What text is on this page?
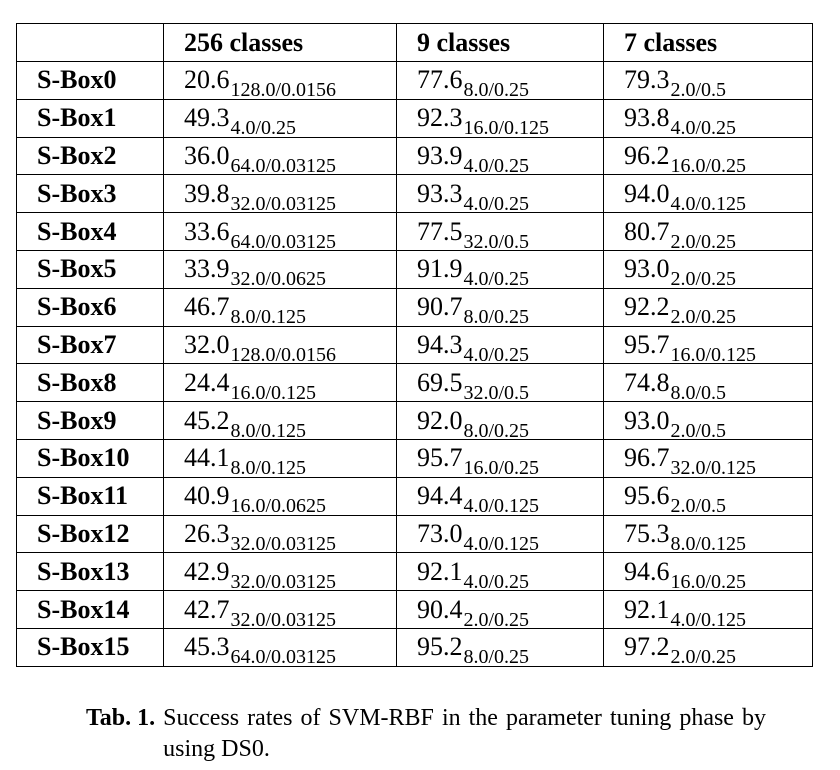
	256 classes	9 classes	7 classes
S-Box0	$20.6_{128.0/0.0156}$	$77.6_{8.0/0.25}$	$79.3_{2.0/0.5}$
S-Box1	$49.3_{4.0/0.25}$	$92.3_{16.0/0.125}$	$93.8_{4.0/0.25}$
S-Box2	$36.0_{64.0/0.03125}$	$93.9_{4.0/0.25}$	$96.2_{16.0/0.25}$
S-Box3	$39.8_{32.0/0.03125}$	$93.3_{4.0/0.25}$	$94.0_{4.0/0.125}$
S-Box4	$33.6_{64.0/0.03125}$	$77.5_{32.0/0.5}$	$80.7_{2.0/0.25}$
S-Box5	$33.9_{32.0/0.0625}$	$91.9_{4.0/0.25}$	$93.0_{2.0/0.25}$
S-Box6	$46.7_{8.0/0.125}$	$90.7_{8.0/0.25}$	$92.2_{2.0/0.25}$
S-Box7	$32.0_{128.0/0.0156}$	$94.3_{4.0/0.25}$	$95.7_{16.0/0.125}$
S-Box8	$24.4_{16.0/0.125}$	$69.5_{32.0/0.5}$	$74.8_{8.0/0.5}$
S-Box9	$45.2_{8.0/0.125}$	$92.0_{8.0/0.25}$	$93.0_{2.0/0.5}$
S-Box10	$44.1_{8.0/0.125}$	$95.7_{16.0/0.25}$	$96.7_{32.0/0.125}$
S-Box11	$40.9_{16.0/0.0625}$	$94.4_{4.0/0.125}$	$95.6_{2.0/0.5}$
S-Box12	$26.3_{32.0/0.03125}$	$73.0_{4.0/0.125}$	$75.3_{8.0/0.125}$
S-Box13	$42.9_{32.0/0.03125}$	$92.1_{4.0/0.25}$	$94.6_{16.0/0.25}$
S-Box14	$42.7_{32.0/0.03125}$	$90.4_{2.0/0.25}$	$92.1_{4.0/0.125}$
S-Box15	$45.3_{64.0/0.03125}$	$95.2_{8.0/0.25}$	$97.2_{2.0/0.25}$
Tab. 1. Success rates of SVM-RBF in the parameter tuning phase by using DS0.
